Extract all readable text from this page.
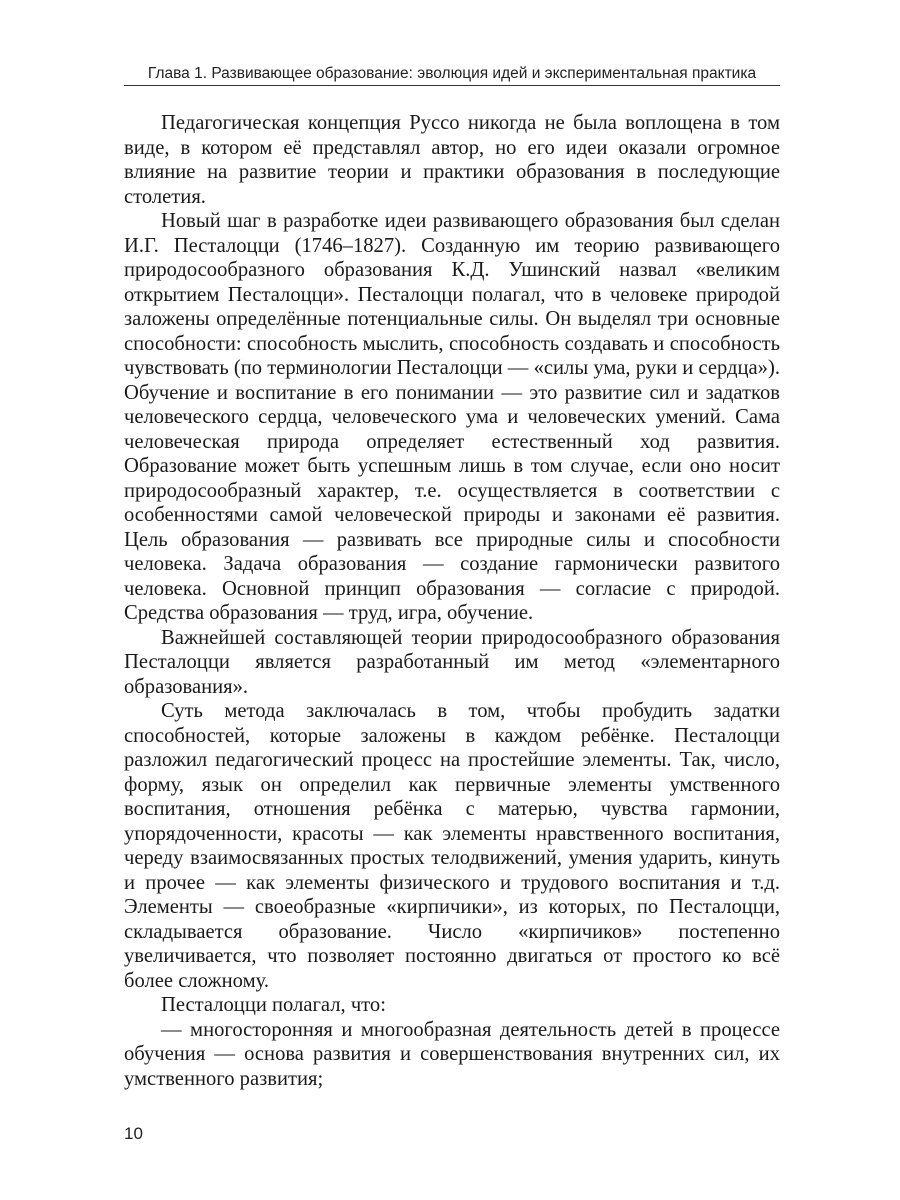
Глава 1. Развивающее образование: эволюция идей и экспериментальная практика

Педагогическая концепция Руссо никогда не была воплощена в том виде, в котором её представлял автор, но его идеи оказали огромное влияние на развитие теории и практики образования в последующие столетия.

Новый шаг в разработке идеи развивающего образования был сделан И.Г. Песталоцци (1746–1827). Созданную им теорию развивающего природосообразного образования К.Д. Ушинский назвал «великим открытием Песталоцци». Песталоцци полагал, что в человеке природой заложены определённые потенциальные силы. Он выделял три основные способности: способность мыслить, способность создавать и способность чувствовать (по терминологии Песталоцци — «силы ума, руки и сердца»). Обучение и воспитание в его понимании — это развитие сил и задатков человеческого сердца, человеческого ума и человеческих умений. Сама человеческая природа определяет естественный ход развития. Образование может быть успешным лишь в том случае, если оно носит природосообразный характер, т.е. осуществляется в соответствии с особенностями самой человеческой природы и законами её развития. Цель образования — развивать все природные силы и способности человека. Задача образования — создание гармонически развитого человека. Основной принцип образования — согласие с природой. Средства образования — труд, игра, обучение.

Важнейшей составляющей теории природосообразного образования Песталоцци является разработанный им метод «элементарного образования».

Суть метода заключалась в том, чтобы пробудить задатки способностей, которые заложены в каждом ребёнке. Песталоцци разложил педагогический процесс на простейшие элементы. Так, число, форму, язык он определил как первичные элементы умственного воспитания, отношения ребёнка с матерью, чувства гармонии, упорядоченности, красоты — как элементы нравственного воспитания, череду взаимосвязанных простых телодвижений, умения ударить, кинуть и прочее — как элементы физического и трудового воспитания и т.д. Элементы — своеобразные «кирпичики», из которых, по Песталоцци, складывается образование. Число «кирпичиков» постепенно увеличивается, что позволяет постоянно двигаться от простого ко всё более сложному.

Песталоцци полагал, что:

— многосторонняя и многообразная деятельность детей в процессе обучения — основа развития и совершенствования внутренних сил, их умственного развития;

10
